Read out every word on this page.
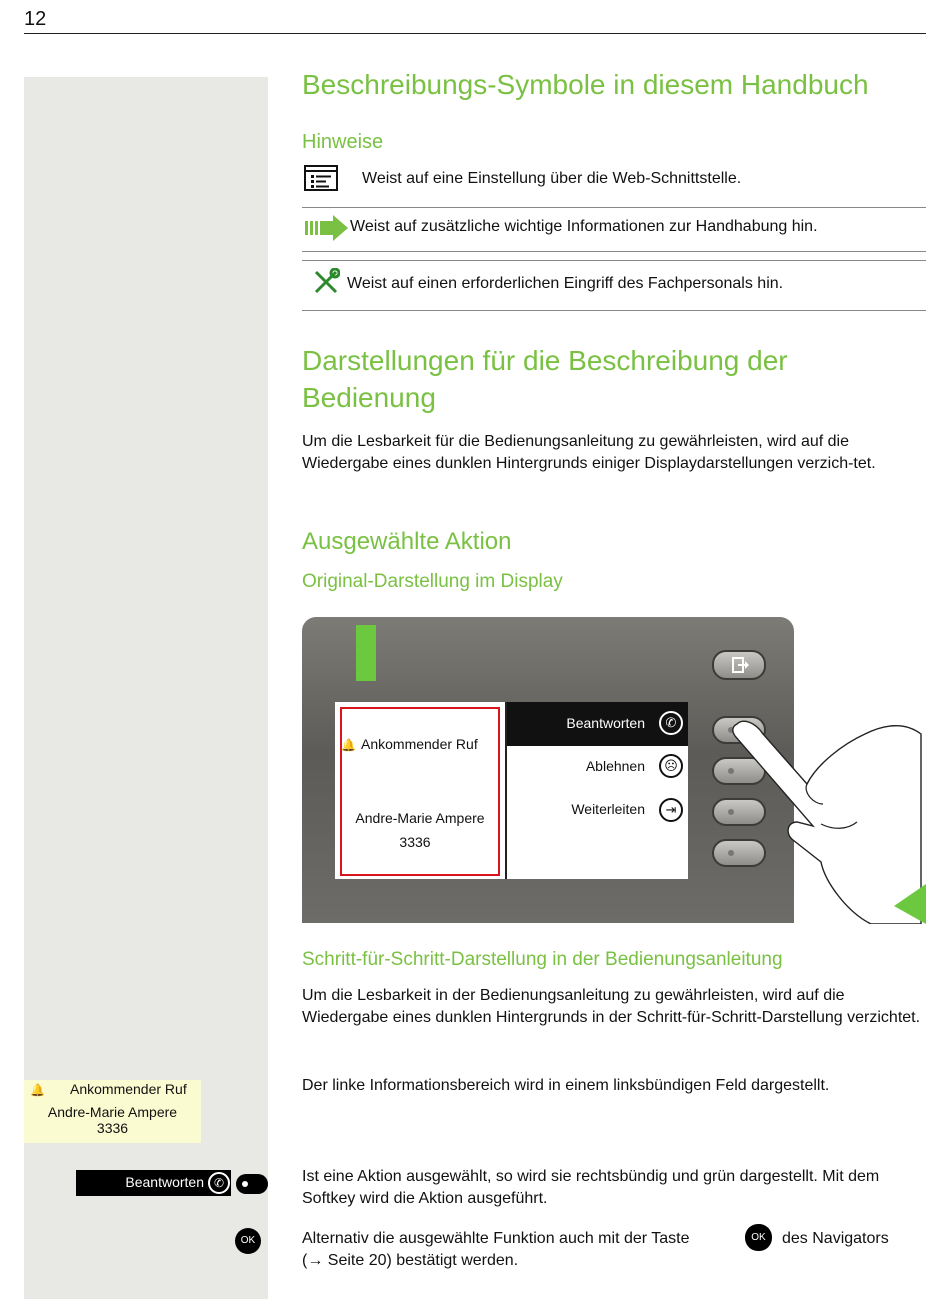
12
Beschreibungs-Symbole in diesem Handbuch
Hinweise
Weist auf eine Einstellung über die Web-Schnittstelle.
Weist auf zusätzliche wichtige Informationen zur Handhabung hin.
Weist auf einen erforderlichen Eingriff des Fachpersonals hin.
Darstellungen für die Beschreibung der
Bedienung
Um die Lesbarkeit für die Bedienungsanleitung zu gewährleisten, wird auf die Wiedergabe eines dunklen Hintergrunds einiger Displaydarstellungen verzich-tet.
Ausgewählte Aktion
Original-Darstellung im Display
🔔 Ankommender Ruf
Andre-Marie Ampere
3336
Beantworten	✆
Ablehnen	☹
Weiterleiten	⇥
Schritt-für-Schritt-Darstellung in der Bedienungsanleitung
Um die Lesbarkeit in der Bedienungsanleitung zu gewährleisten, wird auf die Wiedergabe eines dunklen Hintergrunds in der Schritt-für-Schritt-Darstellung verzichtet.
Der linke Informationsbereich wird in einem linksbündigen Feld dargestellt.
🔔 Ankommender Ruf
Andre-Marie Ampere
3336
Beantworten ✆	Ist eine Aktion ausgewählt, so wird sie rechtsbündig und grün dargestellt. Mit dem Softkey wird die Aktion ausgeführt.
OK	Alternativ die ausgewählte Funktion auch mit der Taste	OK	des Navigators
(→ Seite 20) bestätigt werden.
